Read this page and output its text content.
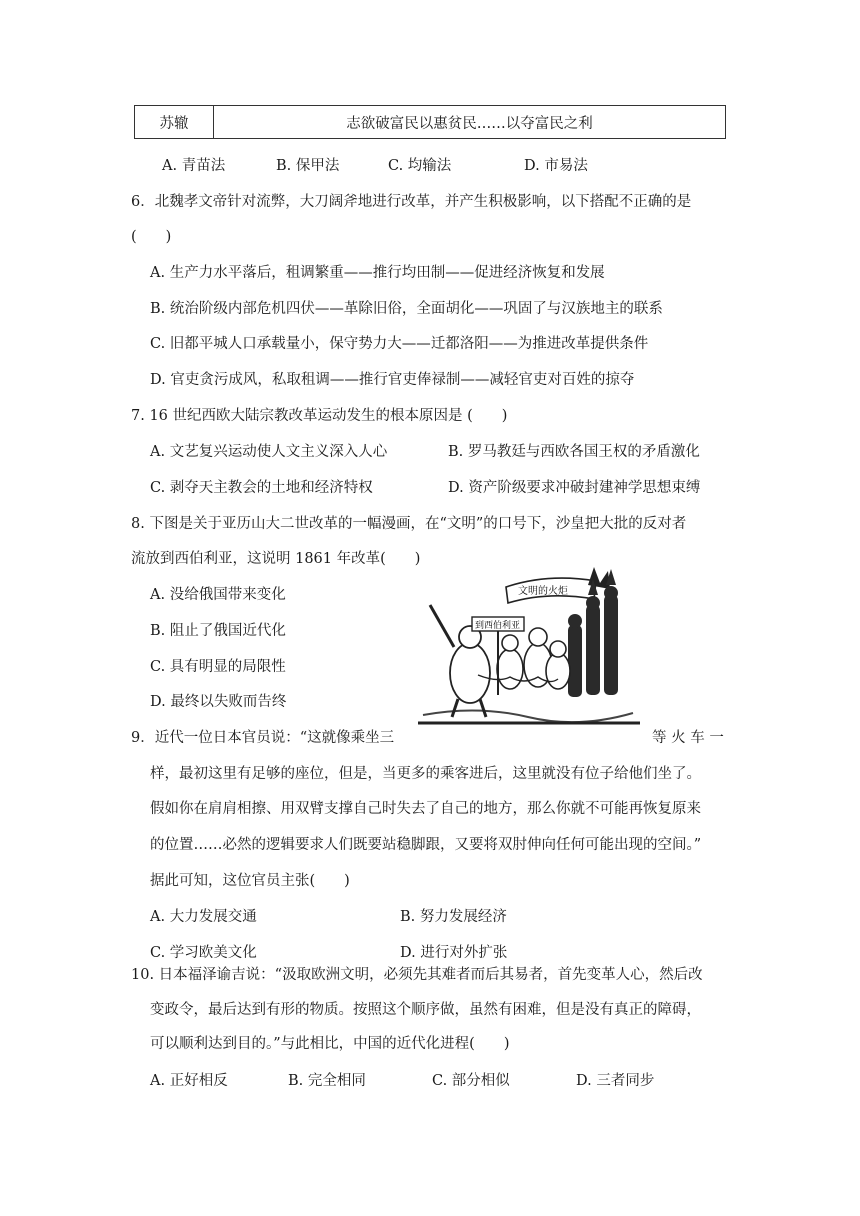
苏辙	志欲破富民以惠贫民……以夺富民之利
A. 青苗法	B. 保甲法	C. 均输法	D. 市易法
6．北魏孝文帝针对流弊，大刀阔斧地进行改革，并产生积极影响，以下搭配不正确的是
(　　)
A. 生产力水平落后，租调繁重——推行均田制——促进经济恢复和发展
B. 统治阶级内部危机四伏——革除旧俗，全面胡化——巩固了与汉族地主的联系
C. 旧都平城人口承载量小，保守势力大——迁都洛阳——为推进改革提供条件
D. 官吏贪污成风，私取租调——推行官吏俸禄制——减轻官吏对百姓的掠夺
7. 16 世纪西欧大陆宗教改革运动发生的根本原因是 (　　)
A. 文艺复兴运动使人文主义深入人心	B. 罗马教廷与西欧各国王权的矛盾激化
C. 剥夺天主教会的土地和经济特权	D. 资产阶级要求冲破封建神学思想束缚
8. 下图是关于亚历山大二世改革的一幅漫画，在“文明”的口号下，沙皇把大批的反对者
流放到西伯利亚，这说明 1861 年改革(　　)
A. 没给俄国带来变化
B. 阻止了俄国近代化
C. 具有明显的局限性
D. 最终以失败而告终
文明的火炬
到西伯利亚
9．近代一位日本官员说：“这就像乘坐三	等 火 车 一
样，最初这里有足够的座位，但是，当更多的乘客进后，这里就没有位子给他们坐了。
假如你在肩肩相擦、用双臂支撑自己时失去了自己的地方，那么你就不可能再恢复原来
的位置……必然的逻辑要求人们既要站稳脚跟，又要将双肘伸向任何可能出现的空间。”
据此可知，这位官员主张(　　)
A. 大力发展交通	B. 努力发展经济
C. 学习欧美文化	D. 进行对外扩张
10. 日本福泽谕吉说：“汲取欧洲文明，必须先其难者而后其易者，首先变革人心，然后改
变政令，最后达到有形的物质。按照这个顺序做，虽然有困难，但是没有真正的障碍，
可以顺利达到目的。”与此相比，中国的近代化进程(　　)
A. 正好相反	B. 完全相同	C. 部分相似	D. 三者同步
